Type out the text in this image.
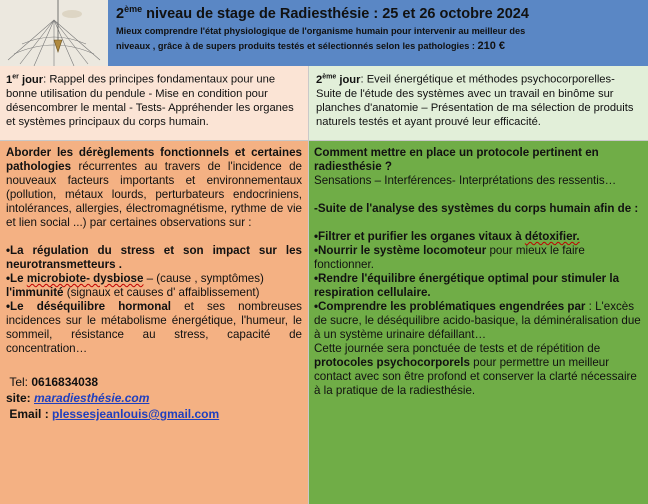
2ème niveau de stage de Radiesthésie : 25 et 26 octobre 2024
Mieux comprendre l'état physiologique de l'organisme humain pour intervenir au meilleur des
niveaux , grâce à de supers produits testés et sélectionnés selon les pathologies : 210 €
1er jour: Rappel des principes fondamentaux pour une bonne utilisation du pendule - Mise en condition pour désencombrer le mental - Tests- Appréhender les organes et systèmes principaux du corps humain.
2ème jour: Eveil énergétique et méthodes psychocorporelles- Suite de l'étude des systèmes avec un travail en binôme sur planches d'anatomie – Présentation de ma sélection de produits naturels testés et ayant prouvé leur efficacité.

Aborder les dérèglements fonctionnels et certaines pathologies récurrentes au travers de l'incidence de nouveaux facteurs importants et environnementaux (pollution, métaux lourds, perturbateurs endocriniens, intolérances, allergies, électromagnétisme, rythme de vie et lien social ...) par certaines observations sur :

•La régulation du stress et son impact sur les neurotransmetteurs .

•Le microbiote- dysbiose – (cause , symptômes)

l'immunité (signaux et causes d' affaiblissement)

•Le déséquilibre hormonal et ses nombreuses incidences sur le métabolisme énergétique, l'humeur, le sommeil, résistance au stress, capacité de concentration…

Tel: 0616834038

site: maradiesthésie.com

Email : plessesjeanlouis@gmail.com

Comment mettre en place un protocole pertinent en radiesthésie ?

Sensations – Interférences- Interprétations des ressentis…

-Suite de l'analyse des systèmes du corps humain afin de :

•Filtrer et purifier les organes vitaux à détoxifier.

•Nourrir le système locomoteur pour mieux le faire fonctionner.

•Rendre l'équilibre énergétique optimal pour stimuler la respiration cellulaire.

•Comprendre les problématiques engendrées par : L'excès de sucre, le déséquilibre acido-basique, la déminéralisation due à un système urinaire défaillant…

Cette journée sera ponctuée de tests et de répétition de protocoles psychocorporels pour permettre un meilleur contact avec son être profond et conserver la clarté nécessaire à la pratique de la radiesthésie.
